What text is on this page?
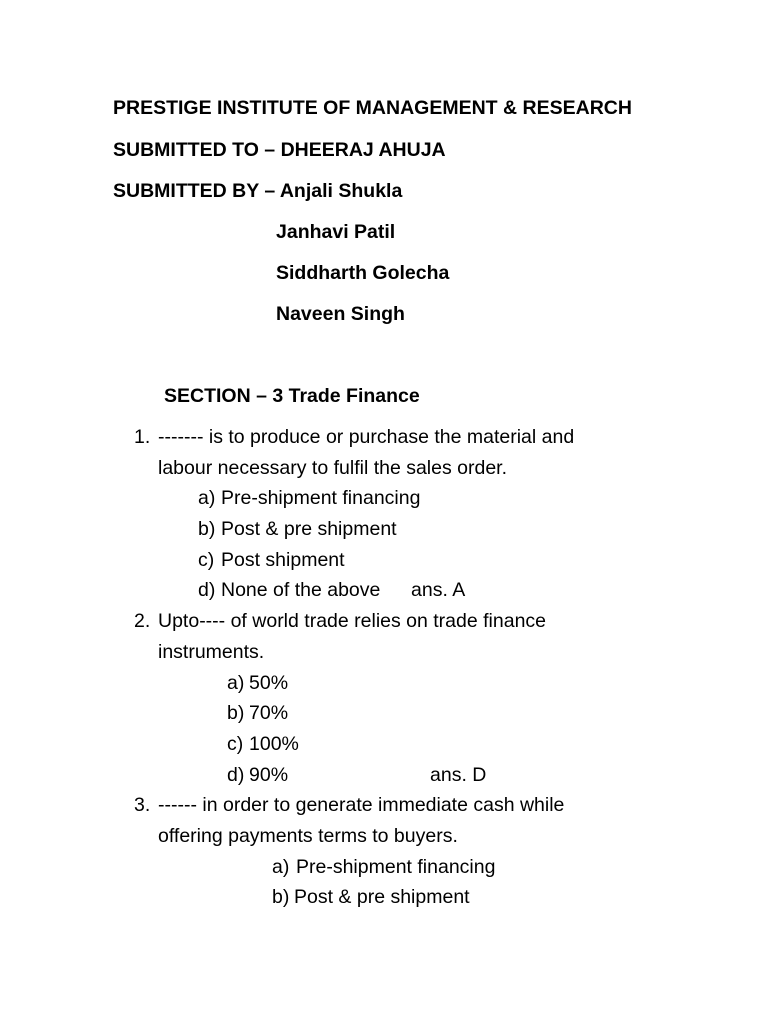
PRESTIGE INSTITUTE OF MANAGEMENT & RESEARCH
SUBMITTED TO – DHEERAJ AHUJA
SUBMITTED BY – Anjali Shukla
Janhavi Patil
Siddharth Golecha
Naveen Singh
SECTION – 3 Trade Finance
1. ------- is to produce or purchase the material and
labour necessary to fulfil the sales order.
a) Pre-shipment financing
b) Post & pre shipment
c) Post shipment
d) None of the above ans. A
2. Upto---- of world trade relies on trade finance
instruments.
a) 50%
b) 70%
c) 100%
d) 90%	ans. D
3. ------ in order to generate immediate cash while
offering payments terms to buyers.
a) Pre-shipment financing
b) Post & pre shipment
